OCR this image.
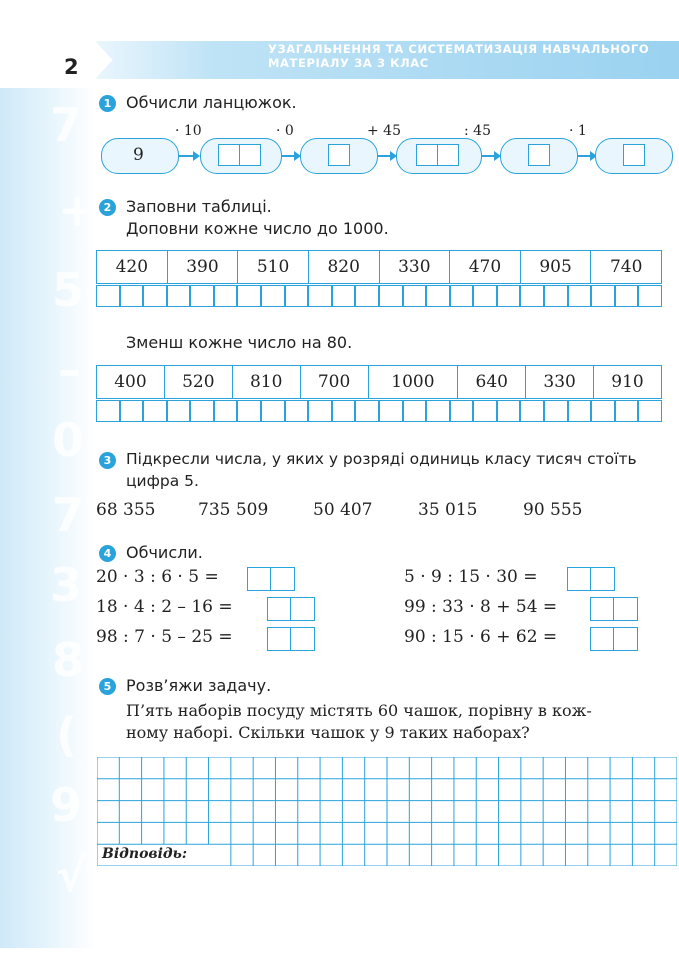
7
+
5
–
0
7
3
8
(
9
√
2
УЗАГАЛЬНЕННЯ ТА СИСТЕМАТИЗАЦІЯ НАВЧАЛЬНОГО
МАТЕРІАЛУ ЗА 3 КЛАС
1 Обчисли ланцюжок.
· 10	· 0	+ 45	: 45	· 1
9
2 Заповни таблиці.
Доповни кожне число до 1000.
420	390	510	820	330	470	905	740
Зменш кожне число на 80.
400	520	810	700	1000	640	330	910
3 Підкресли числа, у яких у розряді одиниць класу тисяч стоїть
цифра 5.
68 355	735 509	50 407	35 015	90 555
4 Обчисли.
20 · 3 : 6 · 5 =
18 · 4 : 2 – 16 =
98 : 7 · 5 – 25 =
5 · 9 : 15 · 30 =
99 : 33 · 8 + 54 =
90 : 15 · 6 + 62 =
5 Розв’яжи задачу.
П’ять наборів посуду містять 60 чашок, порівну в кож-
ному наборі. Скільки чашок у 9 таких наборах?
Відповідь:
